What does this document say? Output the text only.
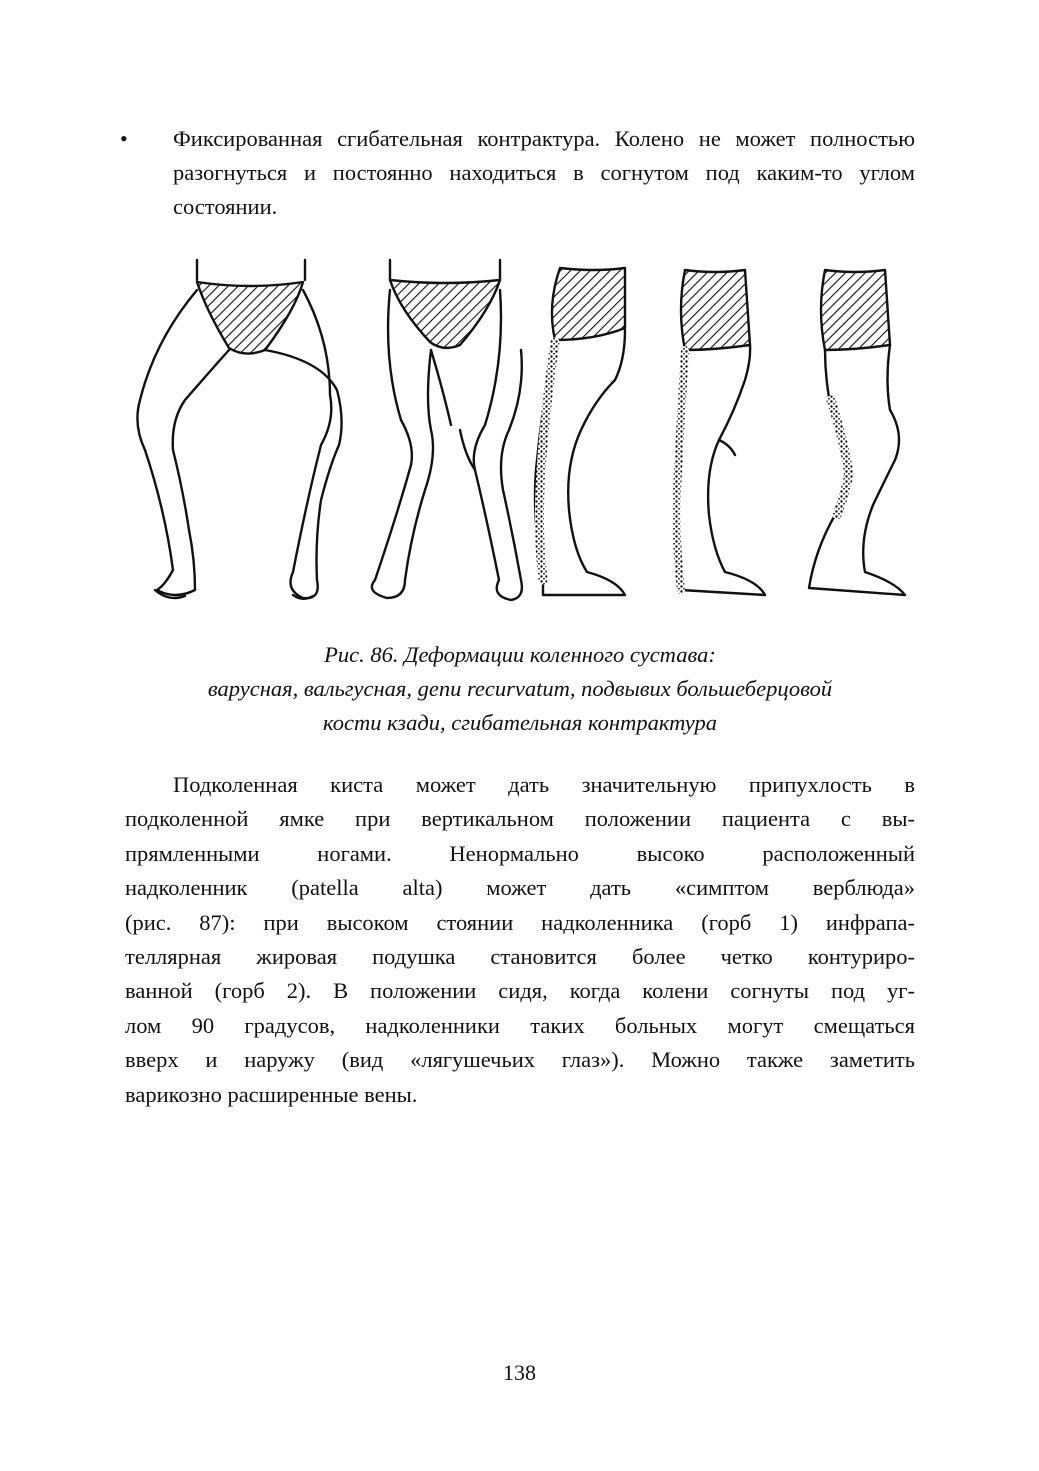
• Фиксированная сгибательная контрактура. Колено не может полностью разогнуться и постоянно находиться в согнутом под каким-то углом состоянии.
Рис. 86. Деформации коленного сустава:
варусная, вальгусная, genu recurvatum, подвывих большеберцовой
кости кзади, сгибательная контрактура
Подколенная киста может дать значительную припухлость в
подколенной ямке при вертикальном положении пациента с вы-
прямленными ногами. Ненормально высоко расположенный
надколенник (patella alta) может дать «симптом верблюда»
(рис. 87): при высоком стоянии надколенника (горб 1) инфрапа-
теллярная жировая подушка становится более четко контуриро-
ванной (горб 2). В положении сидя, когда колени согнуты под уг-
лом 90 градусов, надколенники таких больных могут смещаться
вверх и наружу (вид «лягушечьих глаз»). Можно также заметить
варикозно расширенные вены.
138
